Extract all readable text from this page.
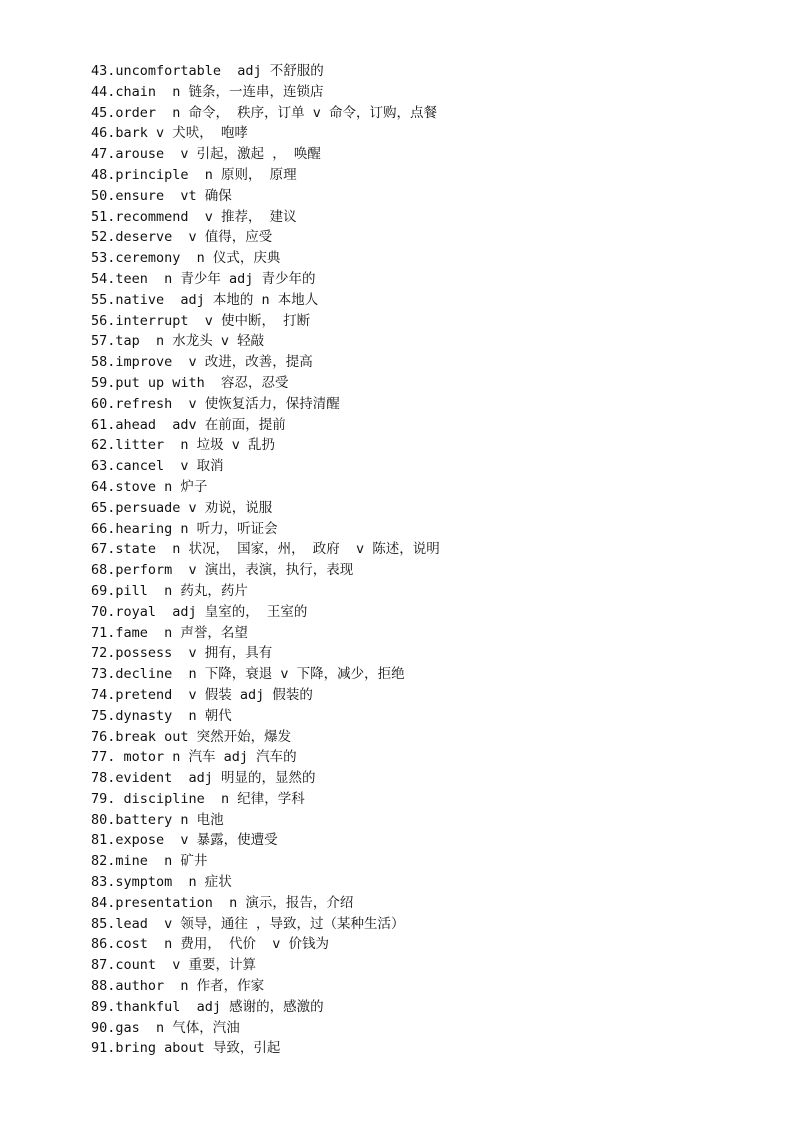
43.uncomfortable  adj 不舒服的
44.chain  n 链条，一连串，连锁店
45.order  n 命令， 秩序，订单 v 命令，订购，点餐
46.bark v 犬吠， 咆哮
47.arouse  v 引起，激起 ， 唤醒
48.principle  n 原则， 原理
50.ensure  vt 确保
51.recommend  v 推荐， 建议
52.deserve  v 值得，应受
53.ceremony  n 仪式，庆典
54.teen  n 青少年 adj 青少年的
55.native  adj 本地的 n 本地人
56.interrupt  v 使中断， 打断
57.tap  n 水龙头 v 轻敲
58.improve  v 改进，改善，提高
59.put up with  容忍，忍受
60.refresh  v 使恢复活力，保持清醒
61.ahead  adv 在前面，提前
62.litter  n 垃圾 v 乱扔
63.cancel  v 取消
64.stove n 炉子
65.persuade v 劝说，说服
66.hearing n 听力，听证会
67.state  n 状况， 国家，州， 政府  v 陈述，说明
68.perform  v 演出，表演，执行，表现
69.pill  n 药丸，药片
70.royal  adj 皇室的， 王室的
71.fame  n 声誉，名望
72.possess  v 拥有，具有
73.decline  n 下降，衰退 v 下降，减少，拒绝
74.pretend  v 假装 adj 假装的
75.dynasty  n 朝代
76.break out 突然开始，爆发
77. motor n 汽车 adj 汽车的
78.evident  adj 明显的，显然的
79. discipline  n 纪律，学科
80.battery n 电池
81.expose  v 暴露，使遭受
82.mine  n 矿井
83.symptom  n 症状
84.presentation  n 演示，报告，介绍
85.lead  v 领导，通往 ，导致，过（某种生活）
86.cost  n 费用， 代价  v 价钱为
87.count  v 重要，计算
88.author  n 作者，作家
89.thankful  adj 感谢的，感激的
90.gas  n 气体，汽油
91.bring about 导致，引起
